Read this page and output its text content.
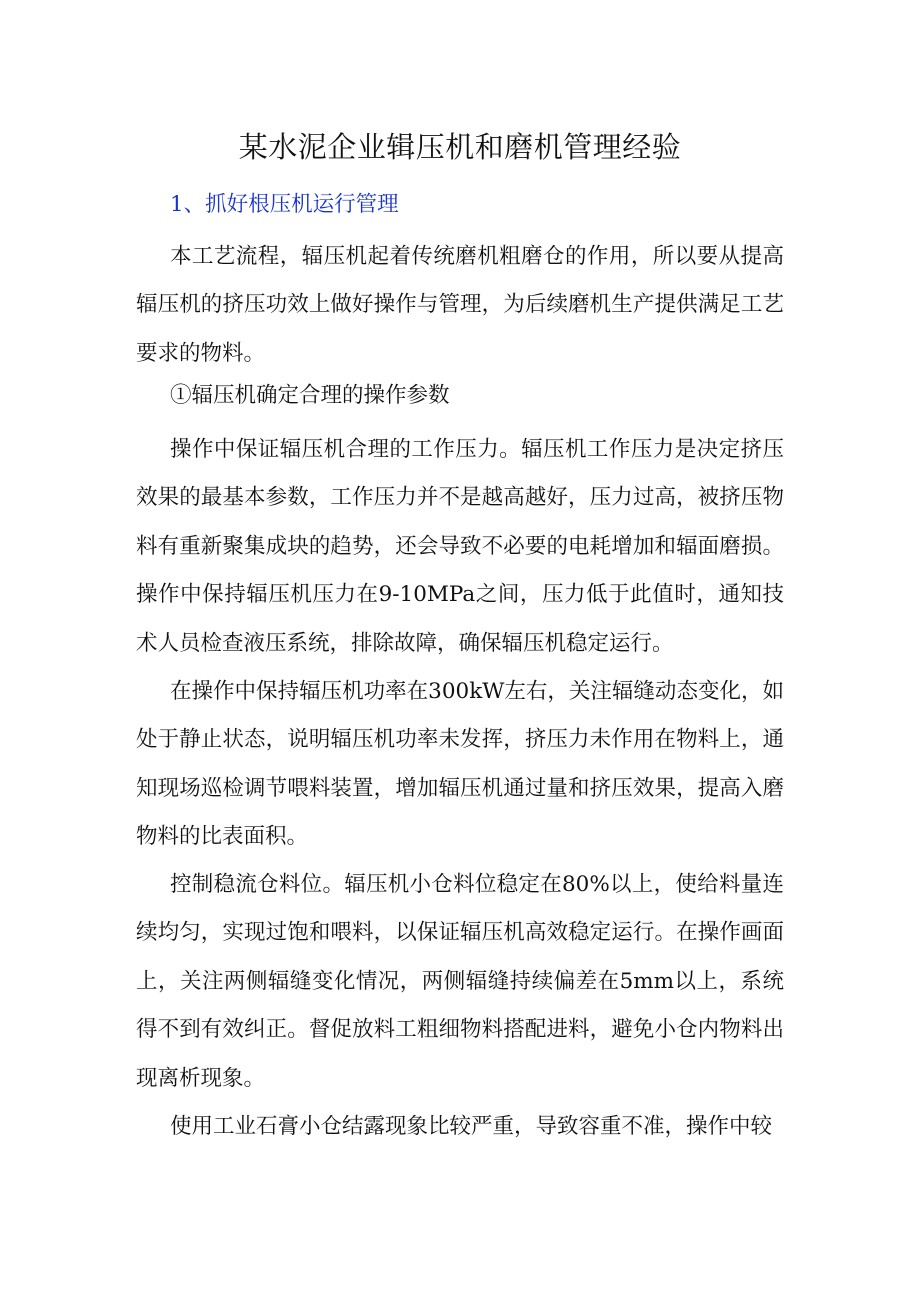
某水泥企业辑压机和磨机管理经验
1、抓好根压机运行管理

本工艺流程，辐压机起着传统磨机粗磨仓的作用，所以要从提高辐压机的挤压功效上做好操作与管理，为后续磨机生产提供满足工艺要求的物料。

①辐压机确定合理的操作参数

操作中保证辐压机合理的工作压力。辐压机工作压力是决定挤压效果的最基本参数，工作压力并不是越高越好，压力过高，被挤压物料有重新聚集成块的趋势，还会导致不必要的电耗增加和辐面磨损。操作中保持辐压机压力在9-10MPa之间，压力低于此值时，通知技术人员检查液压系统，排除故障，确保辐压机稳定运行。

在操作中保持辐压机功率在300kW左右，关注辐缝动态变化，如处于静止状态，说明辐压机功率未发挥，挤压力未作用在物料上，通知现场巡检调节喂料装置，增加辐压机通过量和挤压效果，提高入磨物料的比表面积。

控制稳流仓料位。辐压机小仓料位稳定在80%以上，使给料量连续均匀，实现过饱和喂料，以保证辐压机高效稳定运行。在操作画面上，关注两侧辐缝变化情况，两侧辐缝持续偏差在5mm以上，系统得不到有效纠正。督促放料工粗细物料搭配进料，避免小仓内物料出现离析现象。

使用工业石膏小仓结露现象比较严重，导致容重不准，操作中较
